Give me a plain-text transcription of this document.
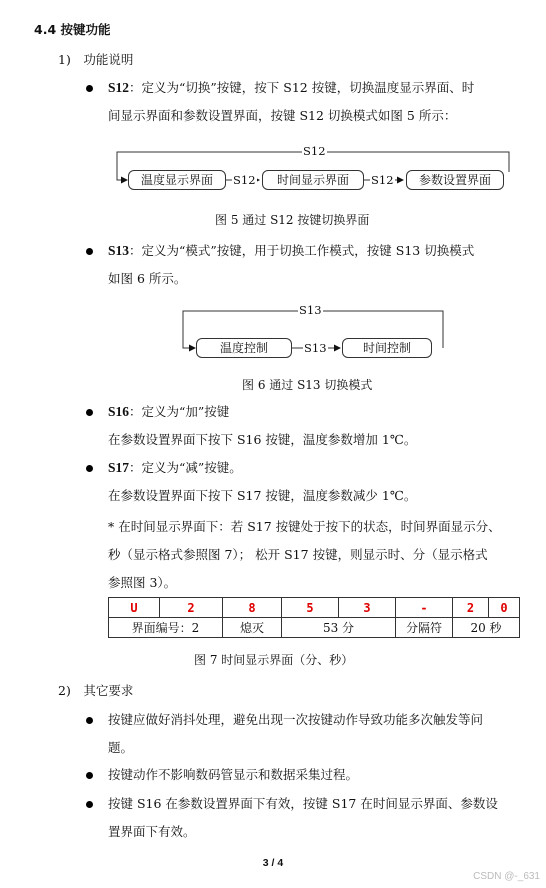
4.4 按键功能
1)　功能说明
S12：定义为“切换”按键，按下 S12 按键，切换温度显示界面、时
间显示界面和参数设置界面，按键 S12 切换模式如图 5 所示：
温度显示界面	时间显示界面	参数设置界面
S12
S12	S12
图 5 通过 S12 按键切换界面
S13：定义为“模式”按键，用于切换工作模式，按键 S13 切换模式
如图 6 所示。
温度控制	时间控制
S13
S13
图 6 通过 S13 切换模式
S16：定义为“加”按键
在参数设置界面下按下 S16 按键，温度参数增加 1℃。
S17：定义为“减”按键。
在参数设置界面下按下 S17 按键，温度参数减少 1℃。
* 在时间显示界面下：若 S17 按键处于按下的状态，时间界面显示分、
秒（显示格式参照图 7）； 松开 S17 按键，则显示时、分（显示格式
参照图 3）。
U	2	8	5	3	-	2	0
界面编号：2		熄灭	53 分		分隔符	20 秒	
图 7 时间显示界面（分、秒）
2)　其它要求
按键应做好消抖处理，避免出现一次按键动作导致功能多次触发等问
题。
按键动作不影响数码管显示和数据采集过程。
按键 S16 在参数设置界面下有效，按键 S17 在时间显示界面、参数设
置界面下有效。
3 / 4
CSDN @-_631
